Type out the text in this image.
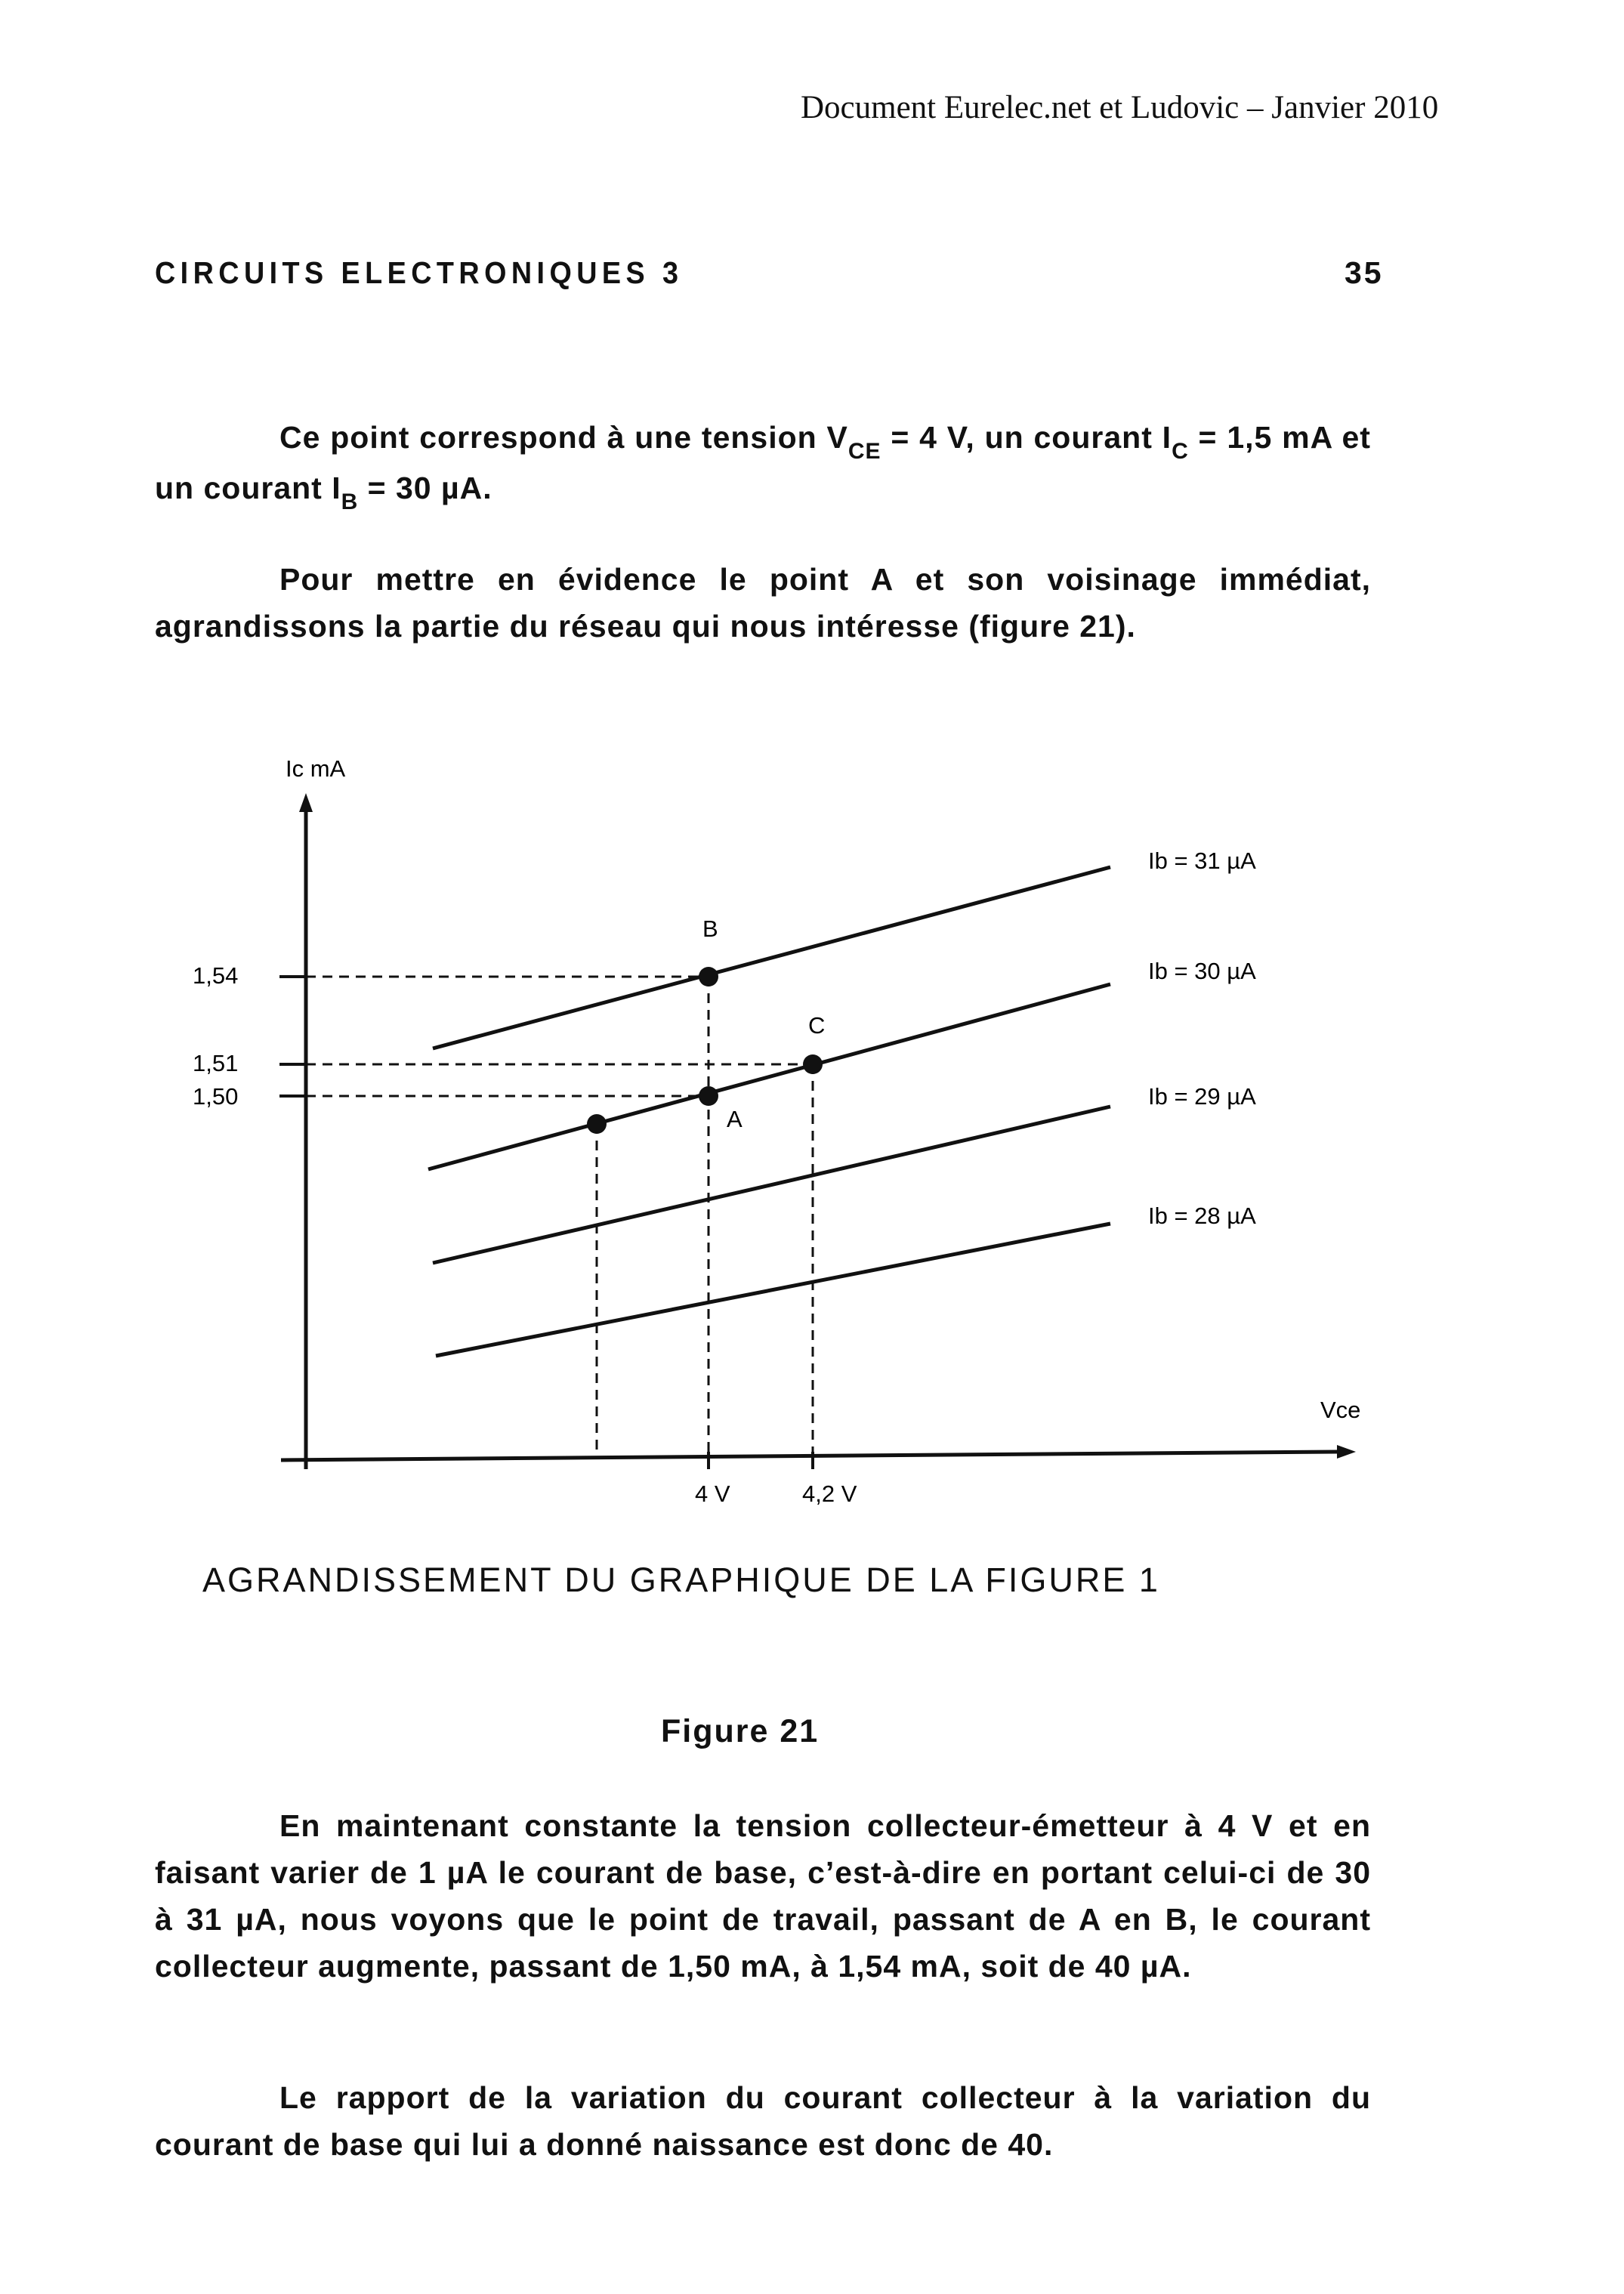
Document Eurelec.net et Ludovic – Janvier 2010
CIRCUITS ELECTRONIQUES 3	35
Ce point correspond à une tension $V_{CE} = 4$ V, un courant $I_C = 1,5$ mA et un courant $I_B = 30$ µA.
Pour mettre en évidence le point A et son voisinage immédiat, agrandissons la partie du réseau qui nous intéresse (figure 21).
Ic mA
Vce
1,54
1,51
1,50
4 V	4,2 V
B
C
A
Ib = 31 µA
Ib = 30 µA
Ib = 29 µA
Ib = 28 µA
AGRANDISSEMENT DU GRAPHIQUE DE LA FIGURE 1
Figure 21
En maintenant constante la tension collecteur-émetteur à 4 V et en faisant varier de 1 µA le courant de base, c’est-à-dire en portant celui-ci de 30 à 31 µA, nous voyons que le point de travail, passant de A en B, le courant collecteur augmente, passant de 1,50 mA, à 1,54 mA, soit de 40 µA.
Le rapport de la variation du courant collecteur à la variation du courant de base qui lui a donné naissance est donc de 40.
